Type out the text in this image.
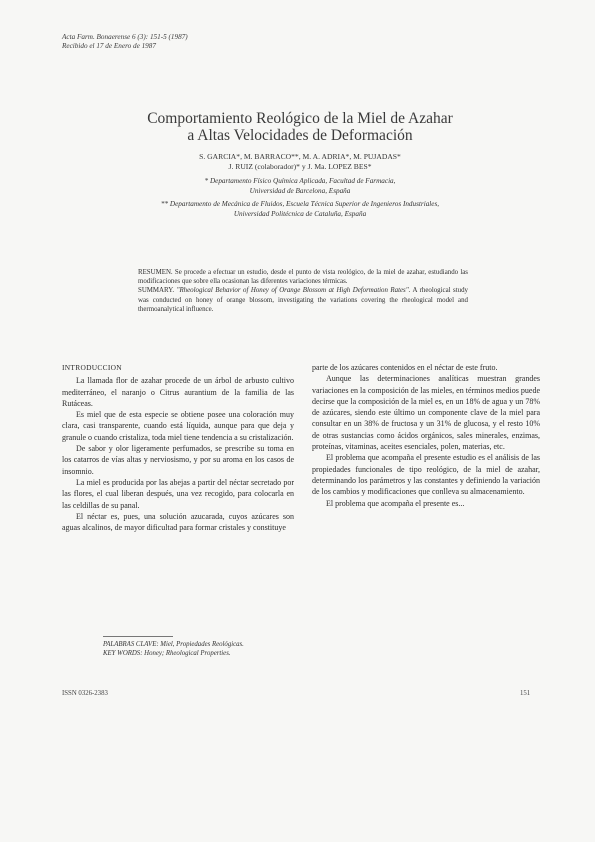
Acta Farm. Bonaerense 6 (3): 151-5 (1987)
Recibido el 17 de Enero de 1987
Comportamiento Reológico de la Miel de Azahar
a Altas Velocidades de Deformación
S. GARCIA*, M. BARRACO**, M. A. ADRIA*, M. PUJADAS*
J. RUIZ (colaborador)* y J. Ma. LOPEZ BES*
* Departamento Físico Química Aplicada, Facultad de Farmacia,
Universidad de Barcelona, España
** Departamento de Mecánica de Fluidos, Escuela Técnica Superior de Ingenieros Industriales,
Universidad Politécnica de Cataluña, España
RESUMEN. Se procede a efectuar un estudio, desde el punto de vista reológico, de la miel de azahar, estudiando las modificaciones que sobre ella ocasionan las diferentes variaciones térmicas.
SUMMARY. "Rheological Behavior of Honey of Orange Blossom at High Deformation Rates". A rheological study was conducted on honey of orange blossom, investigating the variations covering the rheological model and thermoanalytical influence.
INTRODUCCION

La llamada flor de azahar procede de un árbol de arbusto cultivo mediterráneo, el naranjo o Citrus aurantium de la familia de las Rutáceas.

Es miel que de esta especie se obtiene posee una coloración muy clara, casi transparente, cuando está líquida, aunque para que deja y granule o cuando cristaliza, toda miel tiene tendencia a su cristalización.

De sabor y olor ligeramente perfumados, se prescribe su toma en los catarros de vías altas y nerviosismo, y por su aroma en los casos de insomnio.

La miel es producida por las abejas a partir del néctar secretado por las flores, el cual liberan después, una vez recogido, para colocarla en las celdillas de su panal.

El néctar es, pues, una solución azucarada, cuyos azúcares son aguas alcalinos, de mayor dificultad para formar cristales y constituye

parte de los azúcares contenidos en el néctar de este fruto.

Aunque las determinaciones analíticas muestran grandes variaciones en la composición de las mieles, en términos medios puede decirse que la composición de la miel es, en un 18% de agua y un 78% de azúcares, siendo este último un componente clave de la miel para consultar en un 38% de fructosa y un 31% de glucosa, y el resto 10% de otras sustancias como ácidos orgánicos, sales minerales, enzimas, proteínas, vitaminas, aceites esenciales, polen, materias, etc.

El problema que acompaña el presente estudio es el análisis de las propiedades funcionales de tipo reológico, de la miel de azahar, determinando los parámetros y las constantes y definiendo la variación de los cambios y modificaciones que conlleva su almacenamiento.

El problema que acompaña el presente es...

PALABRAS CLAVE: Miel, Propiedades Reológicas.
KEY WORDS: Honey; Rheological Properties.
ISSN 0326-2383	151
